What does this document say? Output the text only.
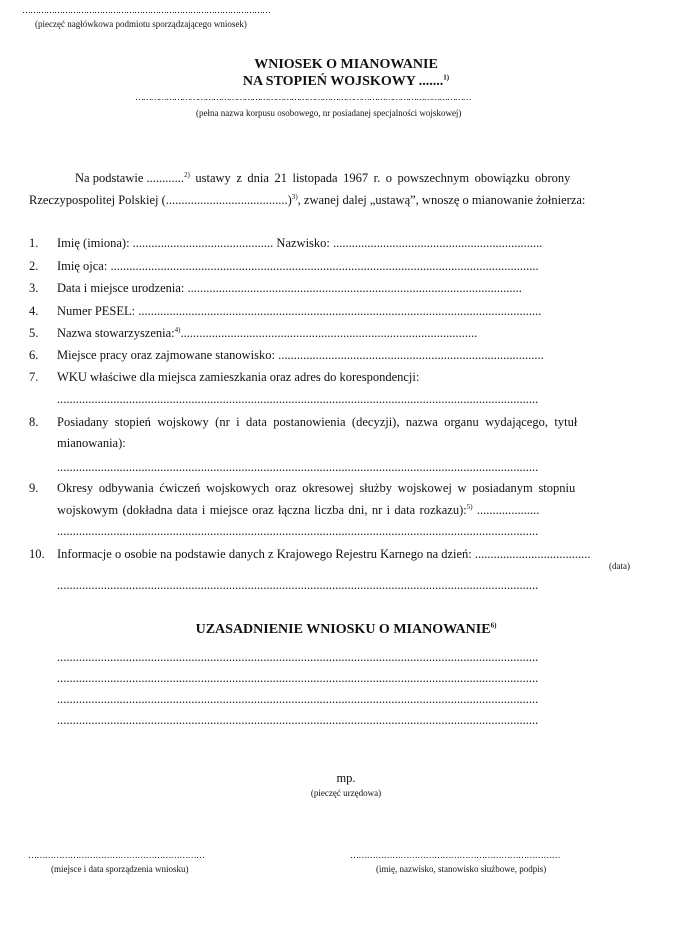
…………………………………………………………………………………
(pieczęć nagłówkowa podmiotu sporządzającego wniosek)
WNIOSEK O MIANOWANIE
NA STOPIEŃ WOJSKOWY .......$^{1)}$
…………………………………………………………………………………………………………………
(pełna nazwa korpusu osobowego, nr posiadanej specjalności wojskowej)
Na podstawie ............$^{2)}$ ustawy z dnia 21 listopada 1967 r. o powszechnym obowiązku obrony
Rzeczypospolitej Polskiej (.......................................)$^{3)}$, zwanej dalej „ustawą”, wnoszę o mianowanie żołnierza:
1. Imię (imiona): ............................................. Nazwisko: ...................................................................
2. Imię ojca: .........................................................................................................................................
3. Data i miejsce urodzenia: ...........................................................................................................
4. Numer PESEL: .................................................................................................................................
5. Nazwa stowarzyszenia:$^{4)}$...............................................................................................
6. Miejsce pracy oraz zajmowane stanowisko: .....................................................................................
7. WKU właściwe dla miejsca zamieszkania oraz adres do korespondencji:
..........................................................................................................................................................
8. Posiadany stopień wojskowy (nr i data postanowienia (decyzji), nazwa organu wydającego, tytuł
mianowania):
..........................................................................................................................................................
9. Okresy odbywania ćwiczeń wojskowych oraz okresowej służby wojskowej w posiadanym stopniu
wojskowym (dokładna data i miejsce oraz łączna liczba dni, nr i data rozkazu):$^{5)}$ ....................
..........................................................................................................................................................
10. Informacje o osobie na podstawie danych z Krajowego Rejestru Karnego na dzień: .....................................
(data)
..........................................................................................................................................................
UZASADNIENIE WNIOSKU O MIANOWANIE$^{6)}$
..........................................................................................................................................................
..........................................................................................................................................................
..........................................................................................................................................................
..........................................................................................................................................................
mp.
(pieczęć urzędowa)
………………………………………………………
(miejsce i data sporządzenia wniosku)
…………………………………………………………………
(imię, nazwisko, stanowisko służbowe, podpis)
